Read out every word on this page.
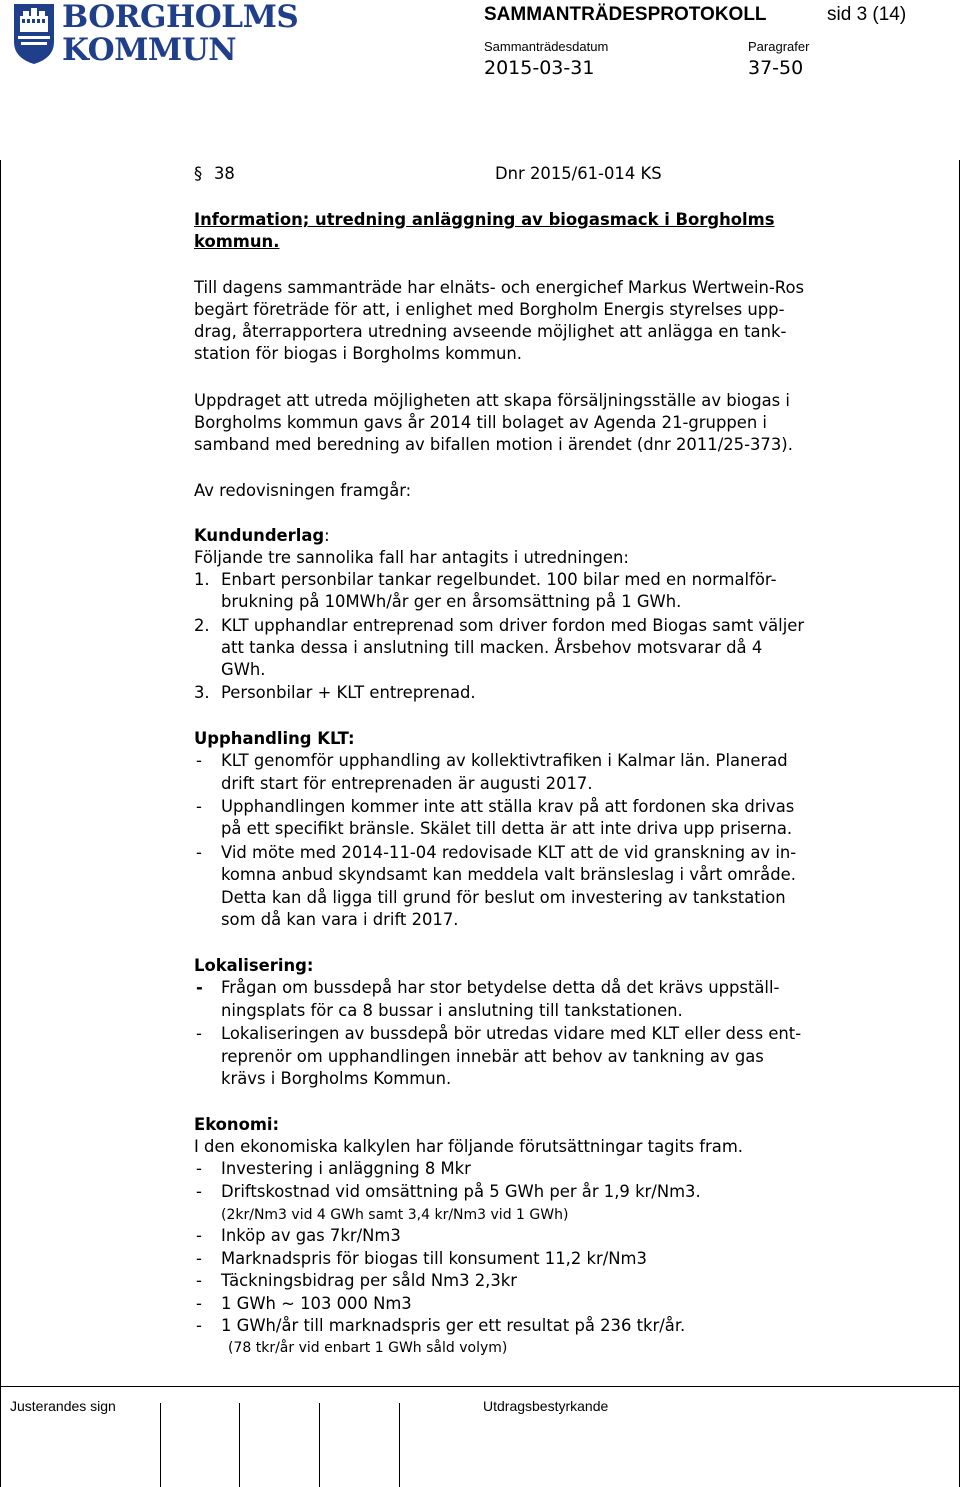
BORGHOLMS
KOMMUN
SAMMANTRÄDESPROTOKOLL	sid 3 (14)
Sammanträdesdatum	Paragrafer
2015-03-31	37-50
§ 38	Dnr 2015/61-014 KS
Information; utredning anläggning av biogasmack i Borgholms
kommun.
Till dagens sammanträde har elnäts- och energichef Markus Wertwein-Ros
begärt företräde för att, i enlighet med Borgholm Energis styrelses upp-
drag, återrapportera utredning avseende möjlighet att anlägga en tank-
station för biogas i Borgholms kommun.
Uppdraget att utreda möjligheten att skapa försäljningsställe av biogas i
Borgholms kommun gavs år 2014 till bolaget av Agenda 21-gruppen i
samband med beredning av bifallen motion i ärendet (dnr 2011/25-373).
Av redovisningen framgår:
Kundunderlag:
Följande tre sannolika fall har antagits i utredningen:
1. Enbart personbilar tankar regelbundet. 100 bilar med en normalför-
brukning på 10MWh/år ger en årsomsättning på 1 GWh.
2. KLT upphandlar entreprenad som driver fordon med Biogas samt väljer
att tanka dessa i anslutning till macken. Årsbehov motsvarar då 4
GWh.
3. Personbilar + KLT entreprenad.
Upphandling KLT:
- KLT genomför upphandling av kollektivtrafiken i Kalmar län. Planerad
drift start för entreprenaden är augusti 2017.
- Upphandlingen kommer inte att ställa krav på att fordonen ska drivas
på ett specifikt bränsle. Skälet till detta är att inte driva upp priserna.
- Vid möte med 2014-11-04 redovisade KLT att de vid granskning av in-
komna anbud skyndsamt kan meddela valt bränsleslag i vårt område.
Detta kan då ligga till grund för beslut om investering av tankstation
som då kan vara i drift 2017.
Lokalisering:
- Frågan om bussdepå har stor betydelse detta då det krävs uppställ-
ningsplats för ca 8 bussar i anslutning till tankstationen.
- Lokaliseringen av bussdepå bör utredas vidare med KLT eller dess ent-
reprenör om upphandlingen innebär att behov av tankning av gas
krävs i Borgholms Kommun.
Ekonomi:
I den ekonomiska kalkylen har följande förutsättningar tagits fram.
- Investering i anläggning 8 Mkr
- Driftskostnad vid omsättning på 5 GWh per år 1,9 kr/Nm3.
(2kr/Nm3 vid 4 GWh samt 3,4 kr/Nm3 vid 1 GWh)
- Inköp av gas 7kr/Nm3
- Marknadspris för biogas till konsument 11,2 kr/Nm3
- Täckningsbidrag per såld Nm3 2,3kr
- 1 GWh ~ 103 000 Nm3
- 1 GWh/år till marknadspris ger ett resultat på 236 tkr/år.
(78 tkr/år vid enbart 1 GWh såld volym)
Justerandes sign	Utdragsbestyrkande
